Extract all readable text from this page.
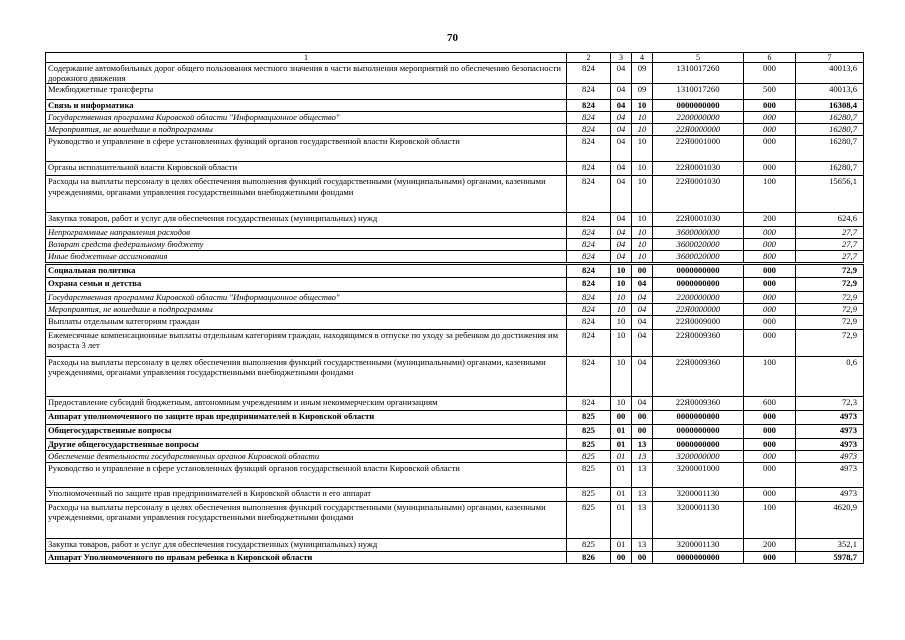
70
1	2	3	4	5	6	7
Содержание автомобильных дорог общего пользования местного значения в части выполнения мероприятий по обеспечению безопасности дорожного движения	824	04	09	1310017260	000	40013,6
Межбюджетные трансферты	824	04	09	1310017260	500	40013,6
Связь и информатика	824	04	10	0000000000	000	16308,4
Государственная программа Кировской области "Информационное общество"	824	04	10	2200000000	000	16280,7
Мероприятия, не вошедшие в подпрограммы	824	04	10	22Я0000000	000	16280,7
Руководство и управление в сфере установленных функций органов государственной власти Кировской области	824	04	10	22Я0001000	000	16280,7
Органы исполнительной власти Кировской области	824	04	10	22Я0001030	000	16280,7
Расходы на выплаты персоналу в целях обеспечения выполнения функций государственными (муниципальными) органами, казенными учреждениями, органами управления государственными внебюджетными фондами	824	04	10	22Я0001030	100	15656,1
Закупка товаров, работ и услуг для обеспечения государственных (муниципальных) нужд	824	04	10	22Я0001030	200	624,6
Непрограммные направления расходов	824	04	10	3600000000	000	27,7
Возврат средств федеральному бюджету	824	04	10	3600020000	000	27,7
Иные бюджетные ассигнования	824	04	10	3600020000	800	27,7
Социальная политика	824	10	00	0000000000	000	72,9
Охрана семьи и детства	824	10	04	0000000000	000	72,9
Государственная программа Кировской области "Информационное общество"	824	10	04	2200000000	000	72,9
Мероприятия, не вошедшие в подпрограммы	824	10	04	22Я0000000	000	72,9
Выплаты отдельным категориям граждан	824	10	04	22Я0009000	000	72,9
Ежемесячные компенсационные выплаты отдельным категориям граждан, находящимся в отпуске по уходу за ребенком до достижения им возраста 3 лет	824	10	04	22Я0009360	000	72,9
Расходы на выплаты персоналу в целях обеспечения выполнения функций государственными (муниципальными) органами, казенными учреждениями, органами управления государственными внебюджетными фондами	824	10	04	22Я0009360	100	0,6
Предоставление субсидий бюджетным, автономным учреждениям и иным некоммерческим организациям	824	10	04	22Я0009360	600	72,3
Аппарат уполномоченного по защите прав предпринимателей в Кировской области	825	00	00	0000000000	000	4973
Общегосударственные вопросы	825	01	00	0000000000	000	4973
Другие общегосударственные вопросы	825	01	13	0000000000	000	4973
Обеспечение деятельности государственных органов Кировской области	825	01	13	3200000000	000	4973
Руководство и управление в сфере установленных функций органов государственной власти Кировской области	825	01	13	3200001000	000	4973
Уполномоченный по защите прав предпринимателей в Кировской области и его аппарат	825	01	13	3200001130	000	4973
Расходы на выплаты персоналу в целях обеспечения выполнения функций государственными (муниципальными) органами, казенными учреждениями, органами управления государственными внебюджетными фондами	825	01	13	3200001130	100	4620,9
Закупка товаров, работ и услуг для обеспечения государственных (муниципальных) нужд	825	01	13	3200001130	200	352,1
Аппарат Уполномоченного по правам ребенка в Кировской области	826	00	00	0000000000	000	5978,7
